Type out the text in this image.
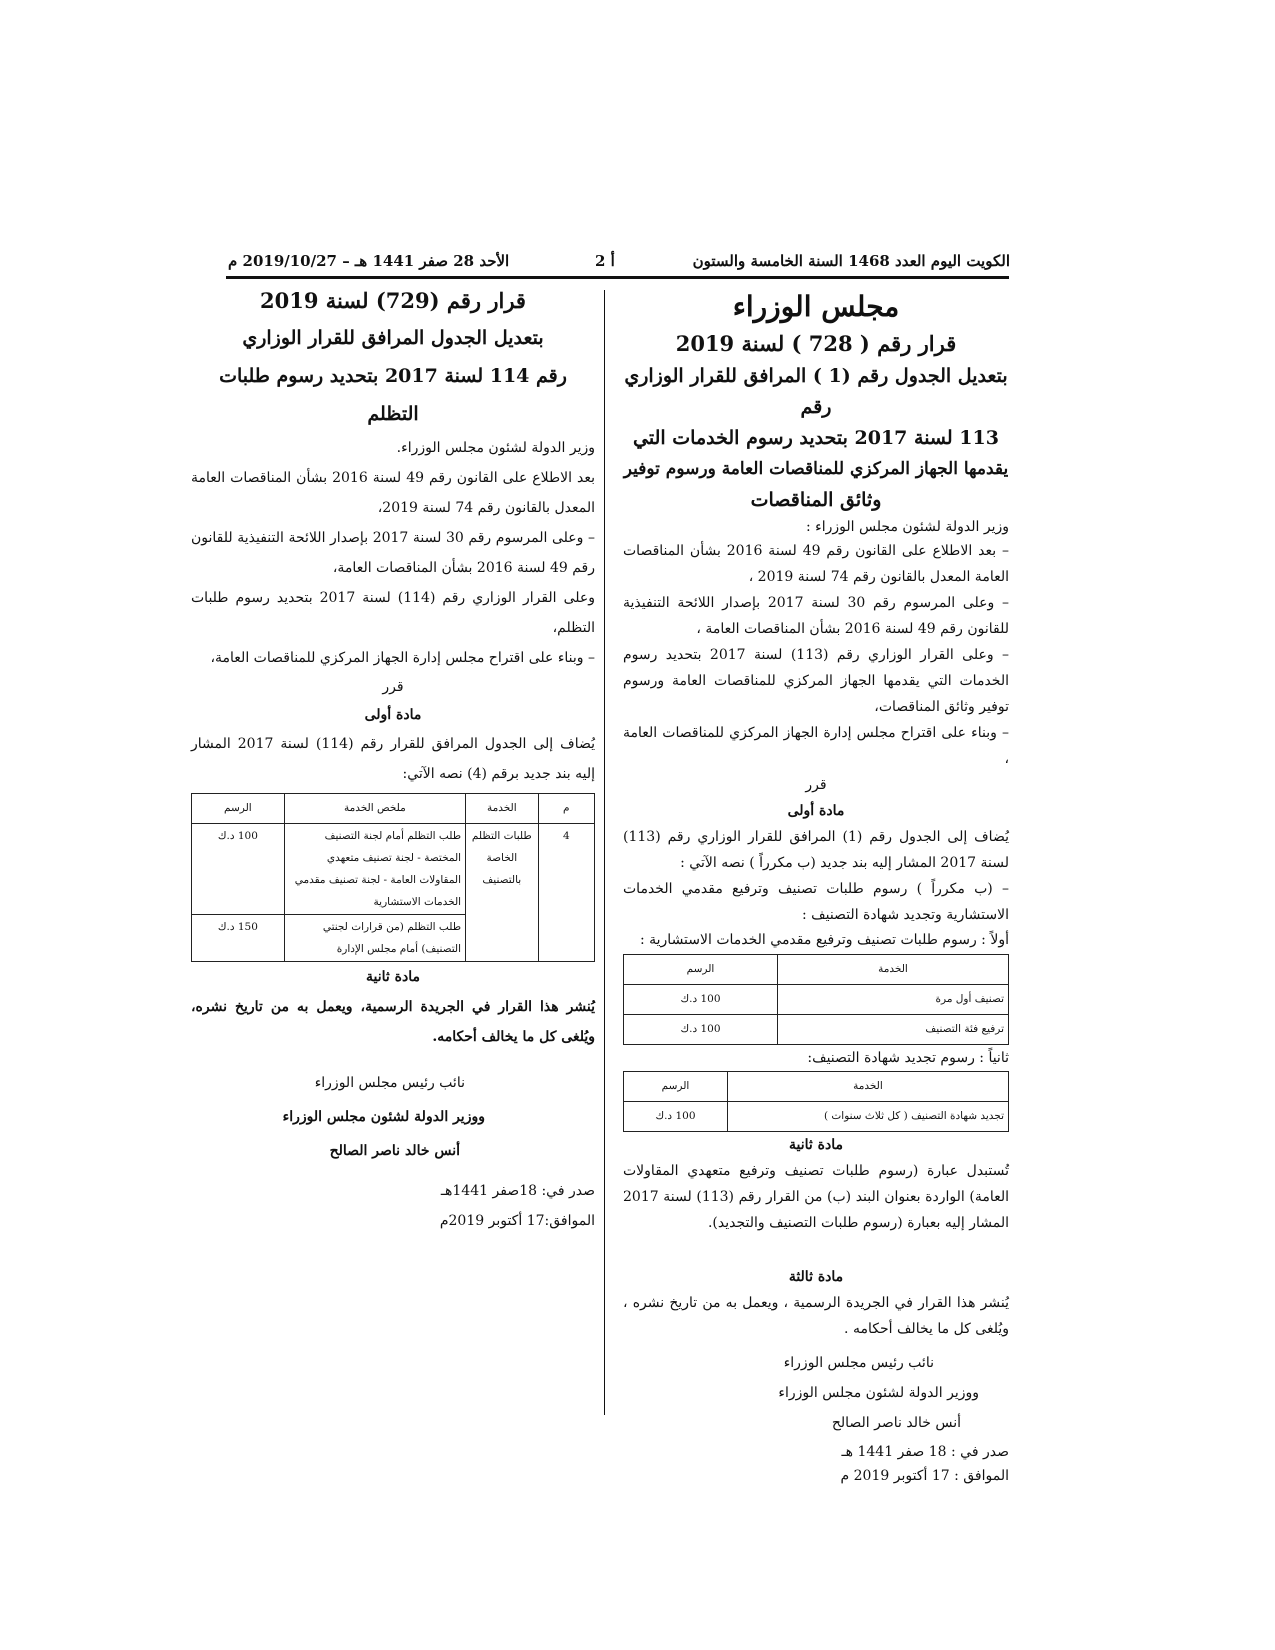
الكويت اليوم العدد 1468 السنة الخامسة والستون
أ 2
الأحد 28 صفر 1441 هـ – 2019/10/27 م

مجلس الوزراء

قرار رقم ( 728 ) لسنة 2019

بتعديل الجدول رقم (1 ) المرافق للقرار الوزاري رقم

113 لسنة 2017 بتحديد رسوم الخدمات التي

يقدمها الجهاز المركزي للمناقصات العامة ورسوم توفير

وثائق المناقصات

وزير الدولة لشئون مجلس الوزراء :

– بعد الاطلاع على القانون رقم 49 لسنة 2016 بشأن المناقصات العامة المعدل بالقانون رقم 74 لسنة 2019 ،

– وعلى المرسوم رقم 30 لسنة 2017 بإصدار اللائحة التنفيذية للقانون رقم 49 لسنة 2016 بشأن المناقصات العامة ،

– وعلى القرار الوزاري رقم (113) لسنة 2017 بتحديد رسوم الخدمات التي يقدمها الجهاز المركزي للمناقصات العامة ورسوم توفير وثائق المناقصات،

– وبناء على اقتراح مجلس إدارة الجهاز المركزي للمناقصات العامة ،

قرر

مادة أولى

يُضاف إلى الجدول رقم (1) المرافق للقرار الوزاري رقم (113) لسنة 2017 المشار إليه بند جديد (ب مكرراً ) نصه الآتي :

– (ب مكرراً ) رسوم طلبات تصنيف وترفيع مقدمي الخدمات الاستشارية وتجديد شهادة التصنيف :

أولاً : رسوم طلبات تصنيف وترفيع مقدمي الخدمات الاستشارية :

الخدمة	الرسم
تصنيف أول مرة	100 د.ك
ترفيع فئة التصنيف	100 د.ك

ثانياً : رسوم تجديد شهادة التصنيف:

الخدمة	الرسم
تجديد شهادة التصنيف ( كل ثلاث سنوات )	100 د.ك

مادة ثانية

تُستبدل عبارة (رسوم طلبات تصنيف وترفيع متعهدي المقاولات العامة) الواردة بعنوان البند (ب) من القرار رقم (113) لسنة 2017 المشار إليه بعبارة (رسوم طلبات التصنيف والتجديد).

مادة ثالثة

يُنشر هذا القرار في الجريدة الرسمية ، ويعمل به من تاريخ نشره ، ويُلغى كل ما يخالف أحكامه .

نائب رئيس مجلس الوزراء

ووزير الدولة لشئون مجلس الوزراء

أنس خالد ناصر الصالح

صدر في : 18 صفر 1441 هـ

الموافق : 17 أكتوبر 2019 م

قرار رقم (729) لسنة 2019

بتعديل الجدول المرافق للقرار الوزاري

رقم 114 لسنة 2017 بتحديد رسوم طلبات التظلم

وزير الدولة لشئون مجلس الوزراء.

بعد الاطلاع على القانون رقم 49 لسنة 2016 بشأن المناقصات العامة المعدل بالقانون رقم 74 لسنة 2019،

– وعلى المرسوم رقم 30 لسنة 2017 بإصدار اللائحة التنفيذية للقانون رقم 49 لسنة 2016 بشأن المناقصات العامة،

وعلى القرار الوزاري رقم (114) لسنة 2017 بتحديد رسوم طلبات التظلم،

– وبناء على اقتراح مجلس إدارة الجهاز المركزي للمناقصات العامة،

قرر

مادة أولى

يُضاف إلى الجدول المرافق للقرار رقم (114) لسنة 2017 المشار إليه بند جديد برقم (4) نصه الآتي:

م	الخدمة	ملخص الخدمة	الرسم
4	طلبات التظلم الخاصة بالتصنيف	طلب التظلم أمام لجنة التصنيف المختصة - لجنة تصنيف متعهدي المقاولات العامة - لجنة تصنيف مقدمي الخدمات الاستشارية	100 د.ك
		طلب التظلم (من قرارات لجنتي التصنيف) أمام مجلس الإدارة	150 د.ك

مادة ثانية

يُنشر هذا القرار في الجريدة الرسمية، ويعمل به من تاريخ نشره، ويُلغى كل ما يخالف أحكامه.

نائب رئيس مجلس الوزراء

ووزير الدولة لشئون مجلس الوزراء

أنس خالد ناصر الصالح

صدر في: 18صفر 1441هـ

الموافق:17 أكتوبر 2019م
